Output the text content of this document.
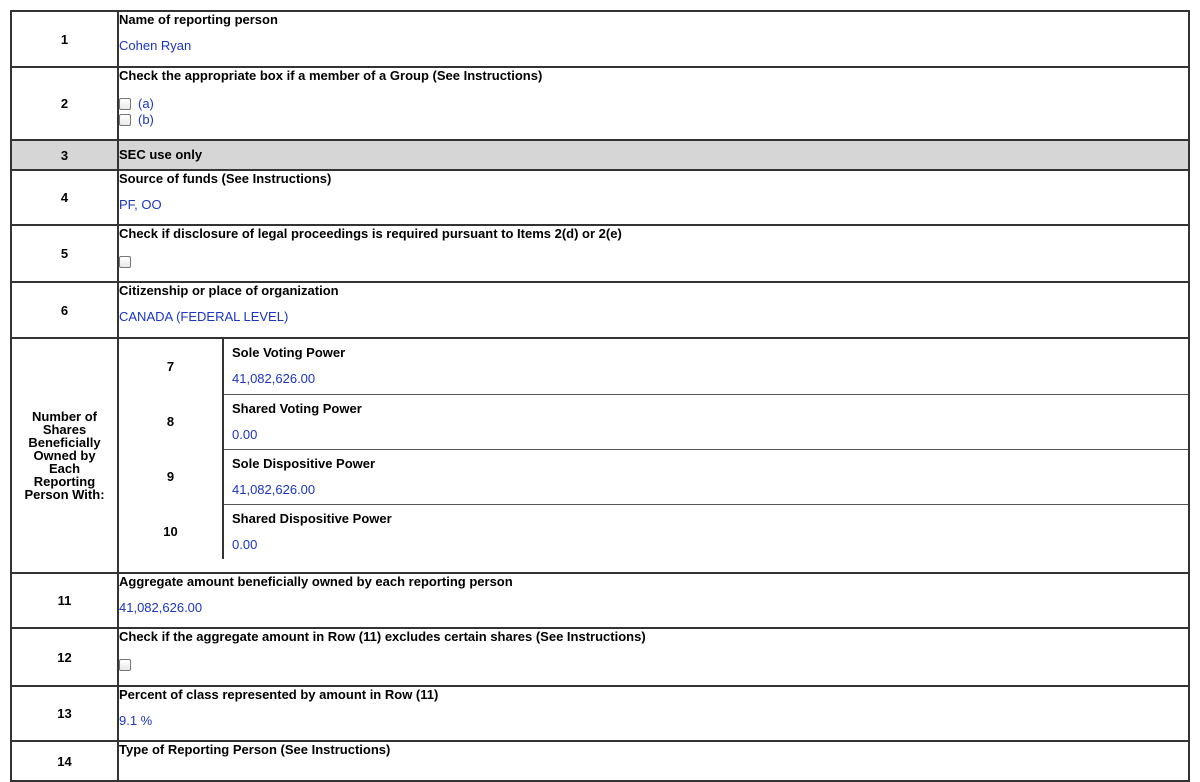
1	
Name of reporting person
Cohen Ryan

2	
Check the appropriate box if a member of a Group (See Instructions)
(a)
(b)

3	SEC use only

4	
Source of funds (See Instructions)
PF, OO

5	
Check if disclosure of legal proceedings is required pursuant to Items 2(d) or 2(e)

6	
Citizenship or place of organization
CANADA (FEDERAL LEVEL)

Number of
Shares
Beneficially
Owned by
Each
Reporting
Person With:

7	
Sole Voting Power
41,082,626.00

8	
Shared Voting Power
0.00

9	
Sole Dispositive Power
41,082,626.00

10	
Shared Dispositive Power
0.00

11	
Aggregate amount beneficially owned by each reporting person
41,082,626.00

12	
Check if the aggregate amount in Row (11) excludes certain shares (See Instructions)

13	
Percent of class represented by amount in Row (11)
9.1 %

14	
Type of Reporting Person (See Instructions)
